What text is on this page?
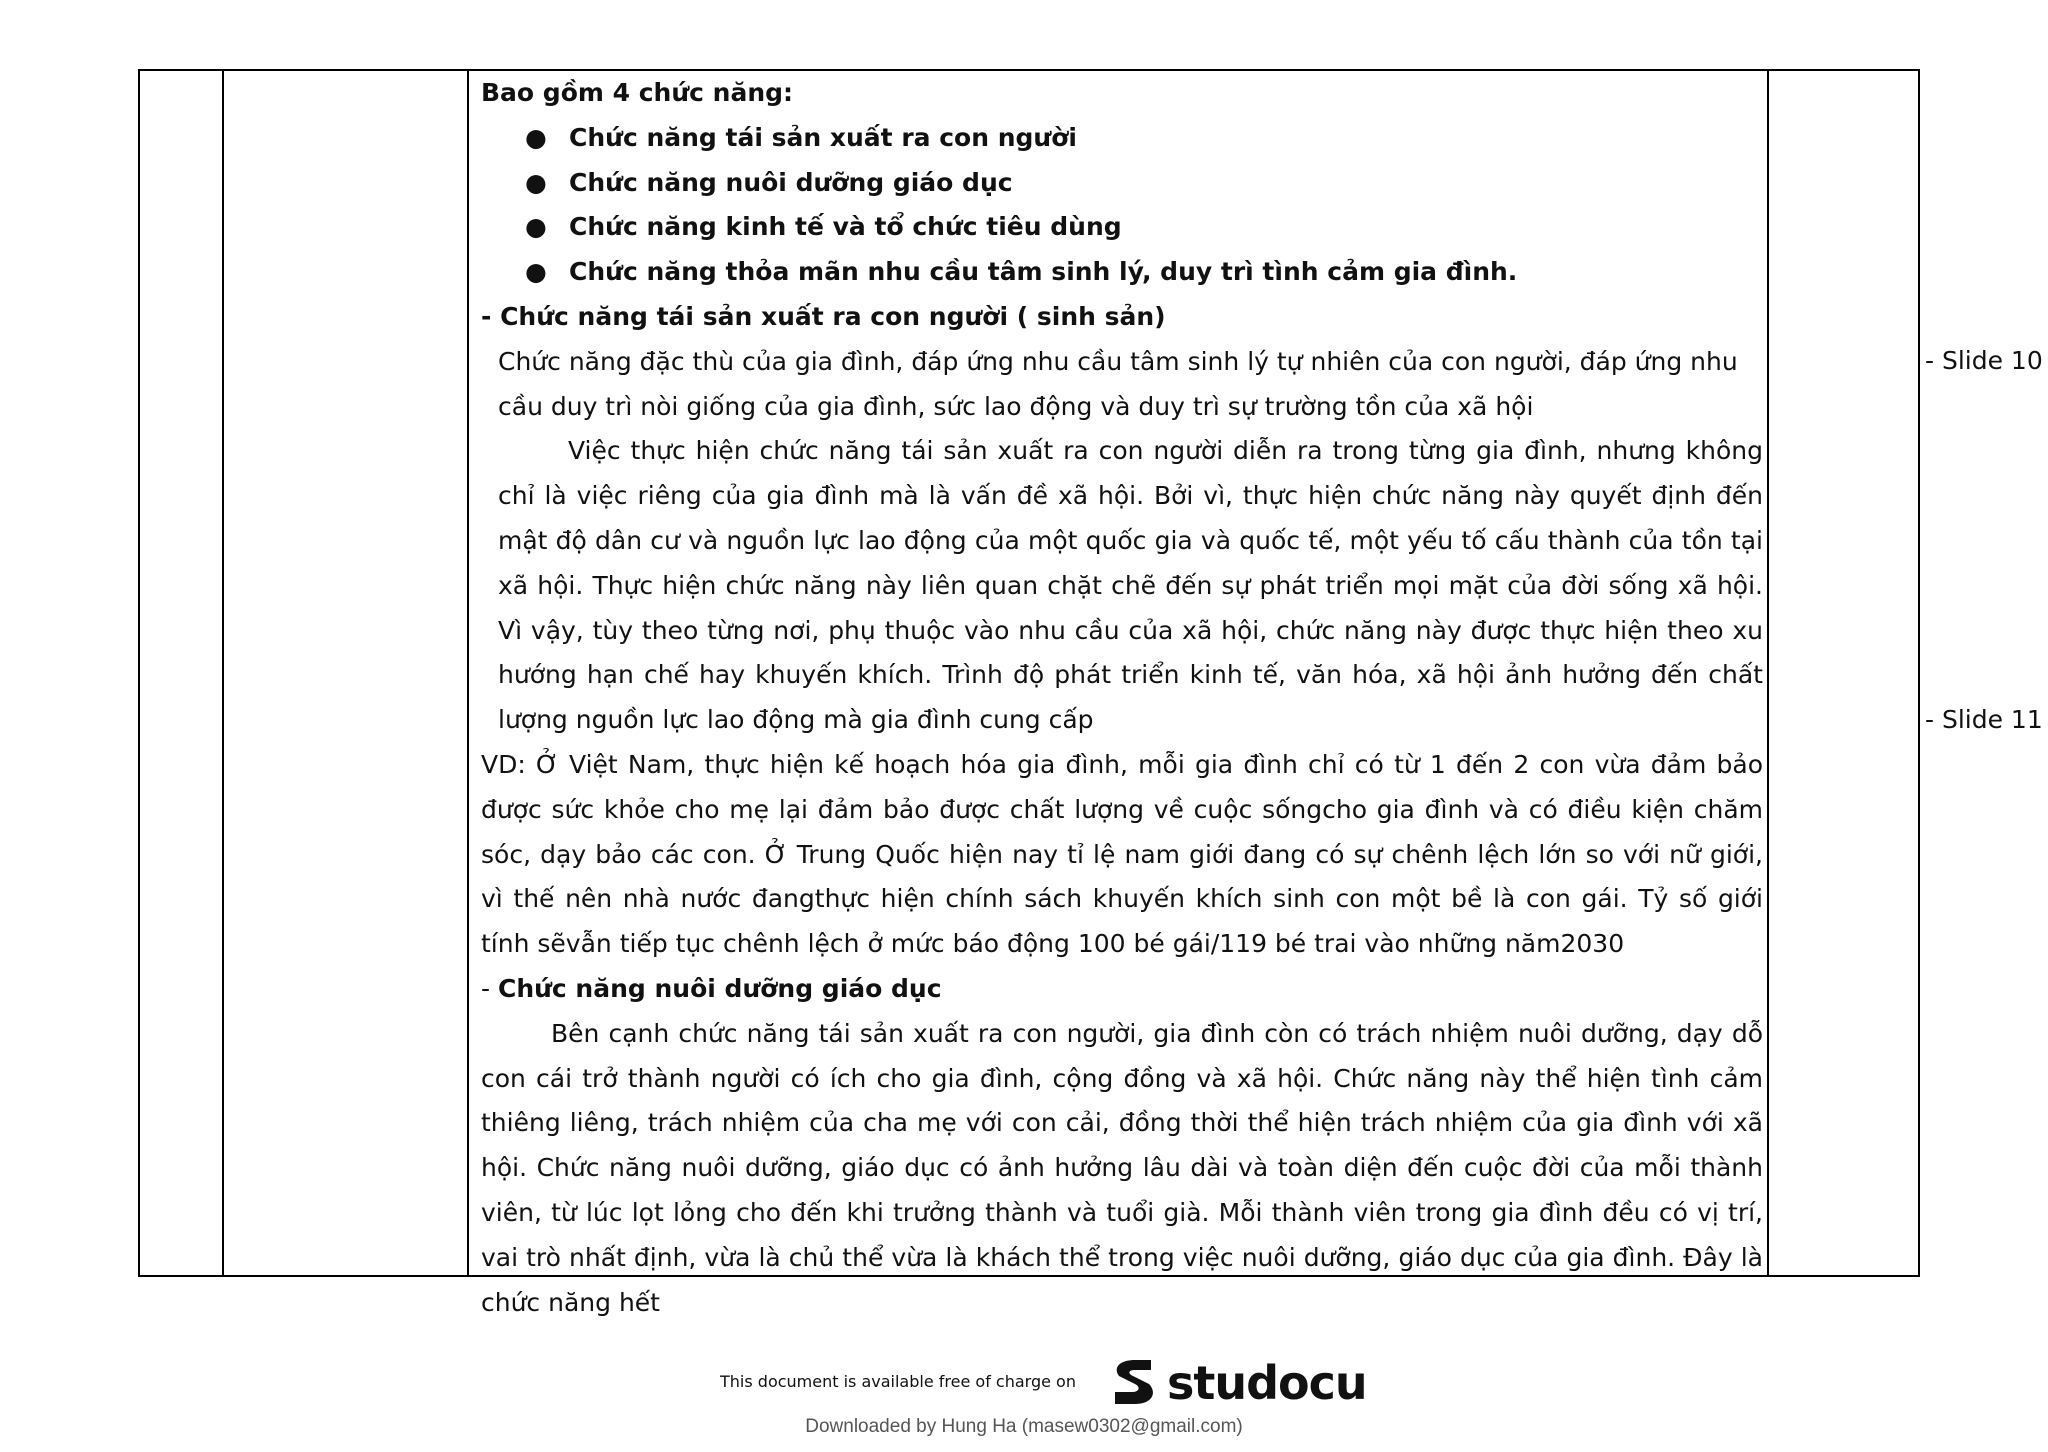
Bao gồm 4 chức năng:

● Chức năng tái sản xuất ra con người
● Chức năng nuôi dưỡng giáo dục
● Chức năng kinh tế và tổ chức tiêu dùng
● Chức năng thỏa mãn nhu cầu tâm sinh lý, duy trì tình cảm gia đình.

- Chức năng tái sản xuất ra con người ( sinh sản)

Chức năng đặc thù của gia đình, đáp ứng nhu cầu tâm sinh lý tự nhiên của con người, đáp ứng nhu cầu duy trì nòi giống của gia đình, sức lao động và duy trì sự trường tồn của xã hội

Việc thực hiện chức năng tái sản xuất ra con người diễn ra trong từng gia đình, nhưng không chỉ là việc riêng của gia đình mà là vấn đề xã hội. Bởi vì, thực hiện chức năng này quyết định đến mật độ dân cư và nguồn lực lao động của một quốc gia và quốc tế, một yếu tố cấu thành của tồn tại xã hội. Thực hiện chức năng này liên quan chặt chẽ đến sự phát triển mọi mặt của đời sống xã hội. Vì vậy, tùy theo từng nơi, phụ thuộc vào nhu cầu của xã hội, chức năng này được thực hiện theo xu hướng hạn chế hay khuyến khích. Trình độ phát triển kinh tế, văn hóa, xã hội ảnh hưởng đến chất lượng nguồn lực lao động mà gia đình cung cấp

VD: Ở Việt Nam, thực hiện kế hoạch hóa gia đình, mỗi gia đình chỉ có từ 1 đến 2 con vừa đảm bảo được sức khỏe cho mẹ lại đảm bảo được chất lượng về cuộc sốngcho gia đình và có điều kiện chăm sóc, dạy bảo các con. Ở Trung Quốc hiện nay tỉ lệ nam giới đang có sự chênh lệch lớn so với nữ giới, vì thế nên nhà nước đangthực hiện chính sách khuyến khích sinh con một bề là con gái. Tỷ số giới tính sẽvẫn tiếp tục chênh lệch ở mức báo động 100 bé gái/119 bé trai vào những năm2030

- Chức năng nuôi dưỡng giáo dục

Bên cạnh chức năng tái sản xuất ra con người, gia đình còn có trách nhiệm nuôi dưỡng, dạy dỗ con cái trở thành người có ích cho gia đình, cộng đồng và xã hội. Chức năng này thể hiện tình cảm thiêng liêng, trách nhiệm của cha mẹ với con cải, đồng thời thể hiện trách nhiệm của gia đình với xã hội. Chức năng nuôi dưỡng, giáo dục có ảnh hưởng lâu dài và toàn diện đến cuộc đời của mỗi thành viên, từ lúc lọt lỏng cho đến khi trưởng thành và tuổi già. Mỗi thành viên trong gia đình đều có vị trí, vai trò nhất định, vừa là chủ thể vừa là khách thể trong việc nuôi dưỡng, giáo dục của gia đình. Đây là chức năng hết

- Slide 10
- Slide 11
This document is available free of charge on studocu
Downloaded by Hung Ha (masew0302@gmail.com)
